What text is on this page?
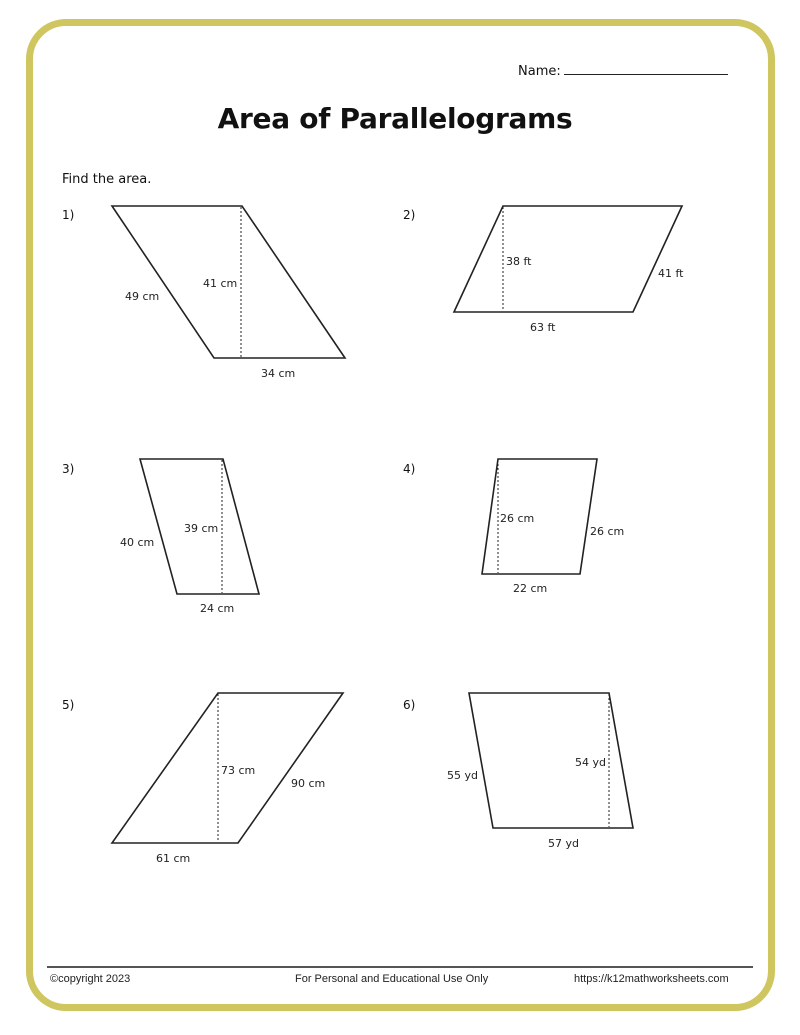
Name:
Area of Parallelograms
Find the area.
1)	2)
3)	4)
5)	6)
49 cm
41 cm
34 cm
41 ft
38 ft
63 ft
40 cm
39 cm
24 cm
26 cm
26 cm
22 cm
90 cm
73 cm
61 cm
55 yd
54 yd
57 yd
©copyright 2023	For Personal and Educational Use Only	https://k12mathworksheets.com
